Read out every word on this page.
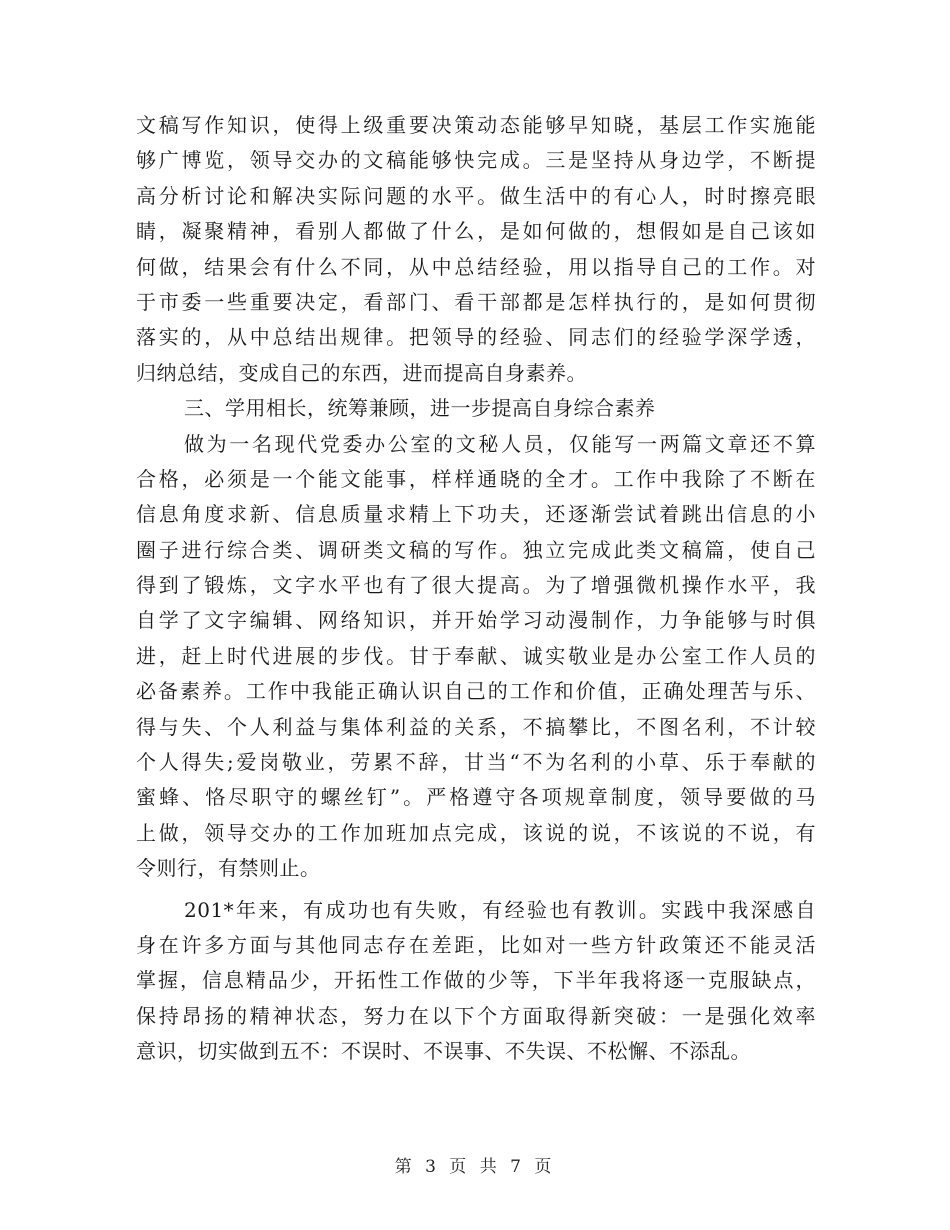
文稿写作知识，使得上级重要决策动态能够早知晓，基层工作实施能
够广博览，领导交办的文稿能够快完成。三是坚持从身边学，不断提
高分析讨论和解决实际问题的水平。做生活中的有心人，时时擦亮眼
睛，凝聚精神，看别人都做了什么，是如何做的，想假如是自己该如
何做，结果会有什么不同，从中总结经验，用以指导自己的工作。对
于市委一些重要决定，看部门、看干部都是怎样执行的，是如何贯彻
落实的，从中总结出规律。把领导的经验、同志们的经验学深学透，
归纳总结，变成自己的东西，进而提高自身素养。
三、学用相长，统筹兼顾，进一步提高自身综合素养
做为一名现代党委办公室的文秘人员，仅能写一两篇文章还不算
合格，必须是一个能文能事，样样通晓的全才。工作中我除了不断在
信息角度求新、信息质量求精上下功夫，还逐渐尝试着跳出信息的小
圈子进行综合类、调研类文稿的写作。独立完成此类文稿篇，使自己
得到了锻炼，文字水平也有了很大提高。为了增强微机操作水平，我
自学了文字编辑、网络知识，并开始学习动漫制作，力争能够与时俱
进，赶上时代进展的步伐。甘于奉献、诚实敬业是办公室工作人员的
必备素养。工作中我能正确认识自己的工作和价值，正确处理苦与乐、
得与失、个人利益与集体利益的关系，不搞攀比，不图名利，不计较
个人得失;爱岗敬业，劳累不辞，甘当“不为名利的小草、乐于奉献的
蜜蜂、恪尽职守的螺丝钉”。严格遵守各项规章制度，领导要做的马
上做，领导交办的工作加班加点完成，该说的说，不该说的不说，有
令则行，有禁则止。
201*年来，有成功也有失败，有经验也有教训。实践中我深感自
身在许多方面与其他同志存在差距，比如对一些方针政策还不能灵活
掌握，信息精品少，开拓性工作做的少等，下半年我将逐一克服缺点，
保持昂扬的精神状态，努力在以下个方面取得新突破：一是强化效率
意识，切实做到五不：不误时、不误事、不失误、不松懈、不添乱。
第 3 页 共 7 页
